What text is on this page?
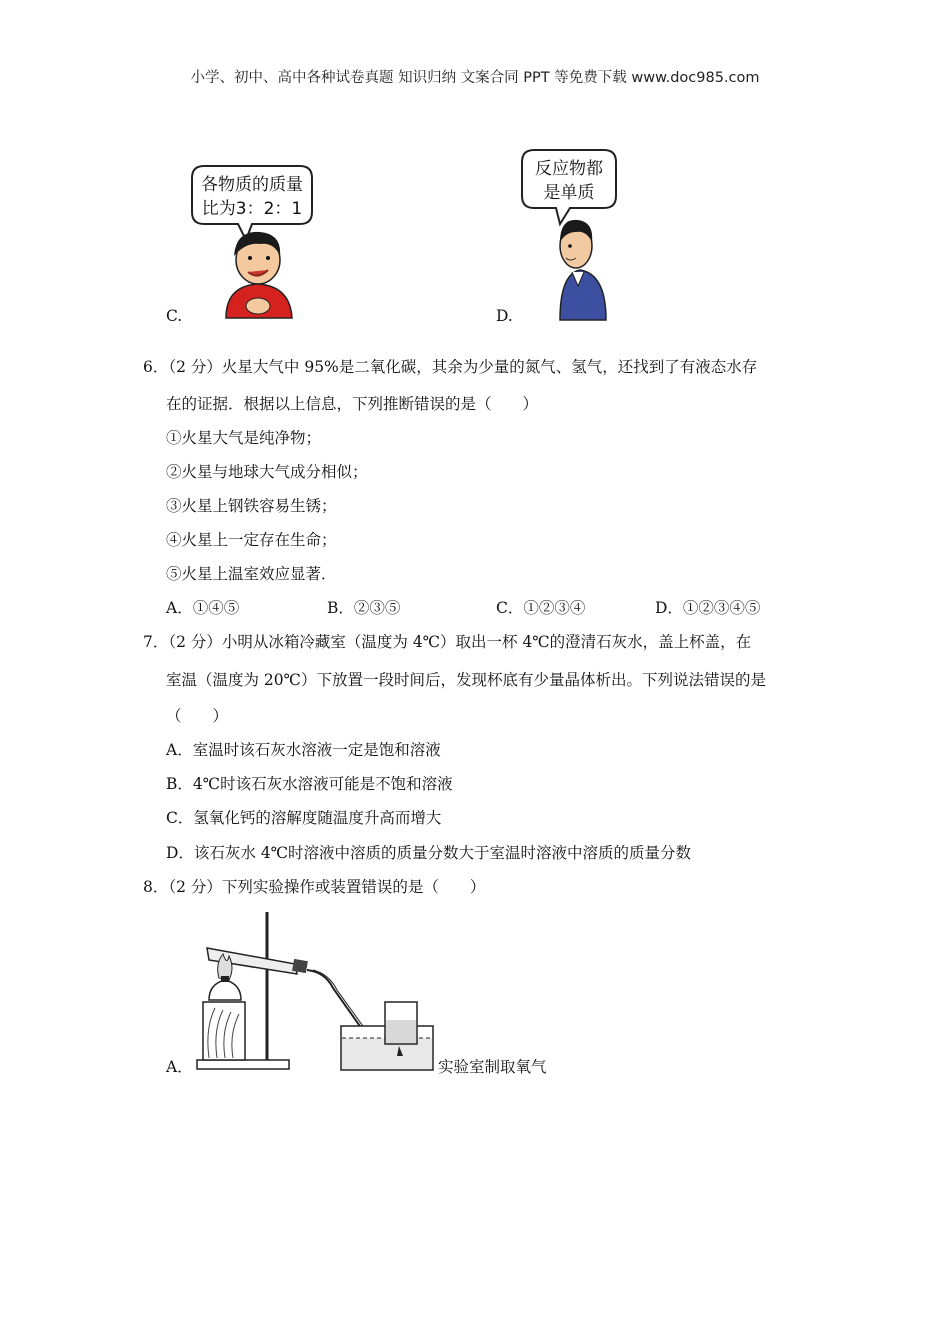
小学、初中、高中各种试卷真题 知识归纳 文案合同 PPT 等免费下载 www.doc985.com
各物质的质量
比为3：2：1
C.
反应物都
是单质
D.
6．（2 分）火星大气中 95%是二氧化碳，其余为少量的氮气、氢气，还找到了有液态水存
在的证据．根据以上信息，下列推断错误的是（　　）
①火星大气是纯净物；
②火星与地球大气成分相似；
③火星上钢铁容易生锈；
④火星上一定存在生命；
⑤火星上温室效应显著．
A．①④⑤	B．②③⑤	C．①②③④	D．①②③④⑤
7．（2 分）小明从冰箱冷藏室（温度为 4℃）取出一杯 4℃的澄清石灰水，盖上杯盖，在
室温（温度为 20℃）下放置一段时间后，发现杯底有少量晶体析出。下列说法错误的是
（　　）
A．室温时该石灰水溶液一定是饱和溶液
B．4℃时该石灰水溶液可能是不饱和溶液
C．氢氧化钙的溶解度随温度升高而增大
D．该石灰水 4℃时溶液中溶质的质量分数大于室温时溶液中溶质的质量分数
8．（2 分）下列实验操作或装置错误的是（　　）
A．	实验室制取氧气
